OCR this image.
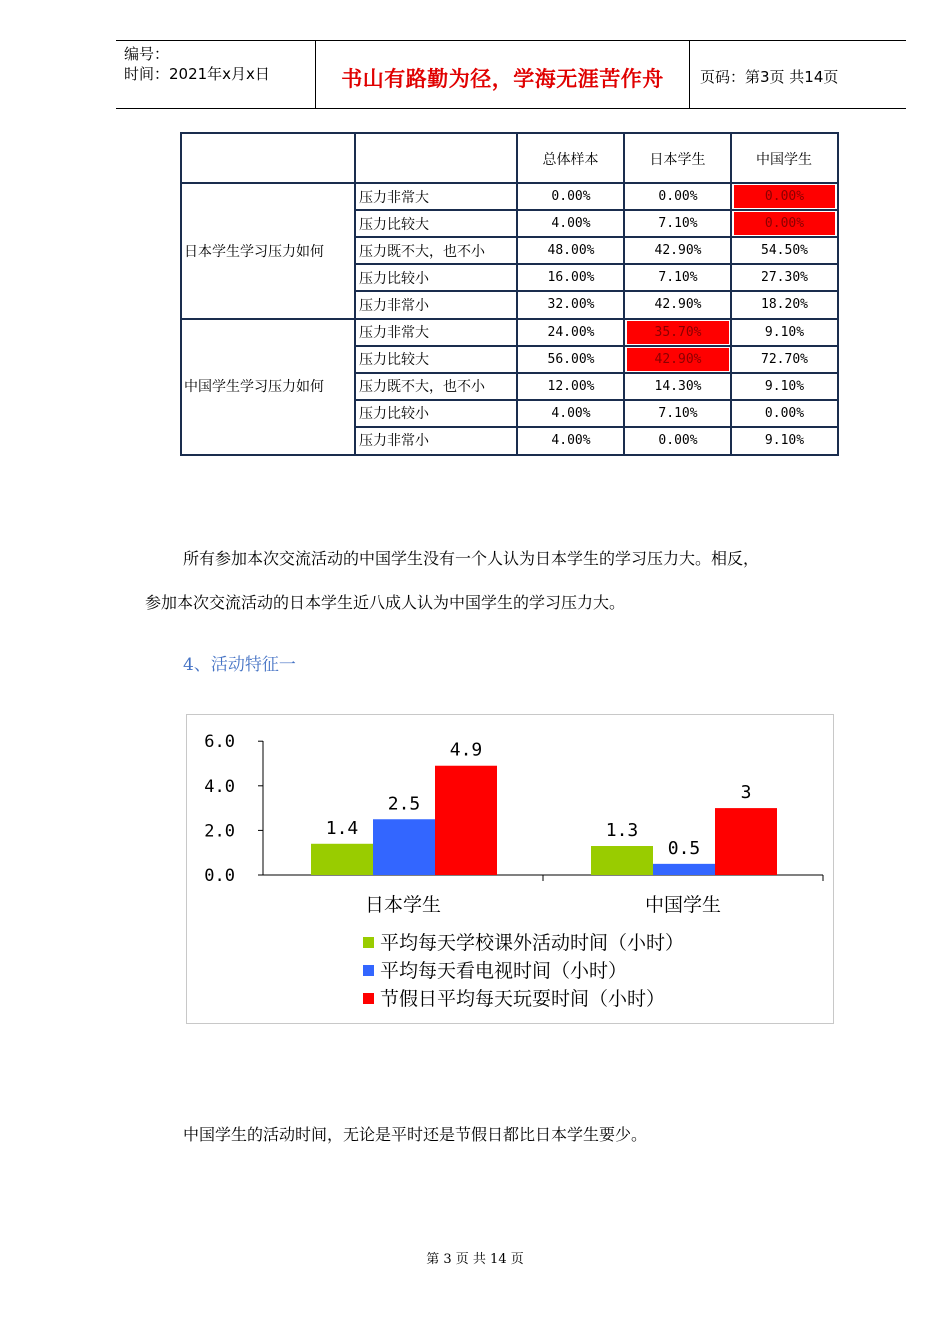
编号：
时间：2021年x月x日	书山有路勤为径，学海无涯苦作舟	页码：第3页 共14页
总体样本	日本学生	中国学生
日本学生学习压力如何
压力非常大	0.00%	0.00%	0.00%
压力比较大	4.00%	7.10%	0.00%
压力既不大，也不小	48.00%	42.90%	54.50%
压力比较小	16.00%	7.10%	27.30%
压力非常小	32.00%	42.90%	18.20%
中国学生学习压力如何
压力非常大	24.00%	35.70%	9.10%
压力比较大	56.00%	42.90%	72.70%
压力既不大，也不小	12.00%	14.30%	9.10%
压力比较小	4.00%	7.10%	0.00%
压力非常小	4.00%	0.00%	9.10%
所有参加本次交流活动的中国学生没有一个人认为日本学生的学习压力大。相反，
参加本次交流活动的日本学生近八成人认为中国学生的学习压力大。
4、活动特征一
0.0
2.0
4.0
6.0
1.4
2.5
4.9
日本学生
1.3
0.5
3
中国学生
平均每天学校课外活动时间（小时）
平均每天看电视时间（小时）
节假日平均每天玩耍时间（小时）
中国学生的活动时间，无论是平时还是节假日都比日本学生要少。
第 3 页 共 14 页
